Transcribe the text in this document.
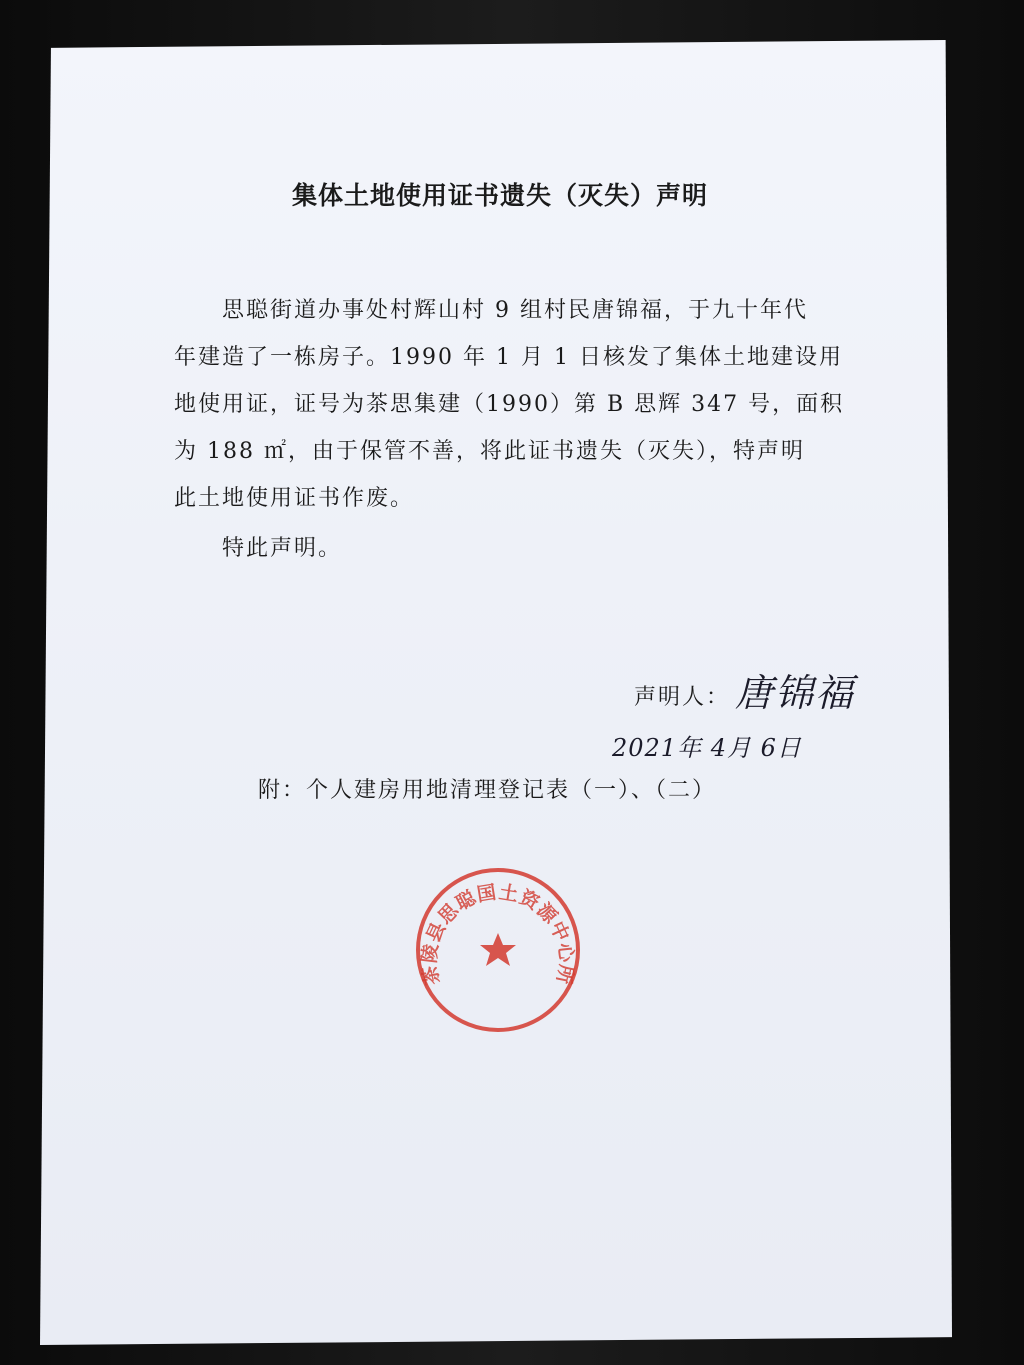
集体土地使用证书遗失（灭失）声明
思聪街道办事处村辉山村 9 组村民唐锦福，于九十年代
年建造了一栋房子。1990 年 1 月 1 日核发了集体土地建设用
地使用证，证号为茶思集建（1990）第 B 思辉 347 号，面积
为 188 ㎡，由于保管不善，将此证书遗失（灭失），特声明
此土地使用证书作废。
特此声明。
声明人： 唐锦福
2021年 4月 6日
附：个人建房用地清理登记表（一）、（二）
茶陵县思聪国土资源中心所
